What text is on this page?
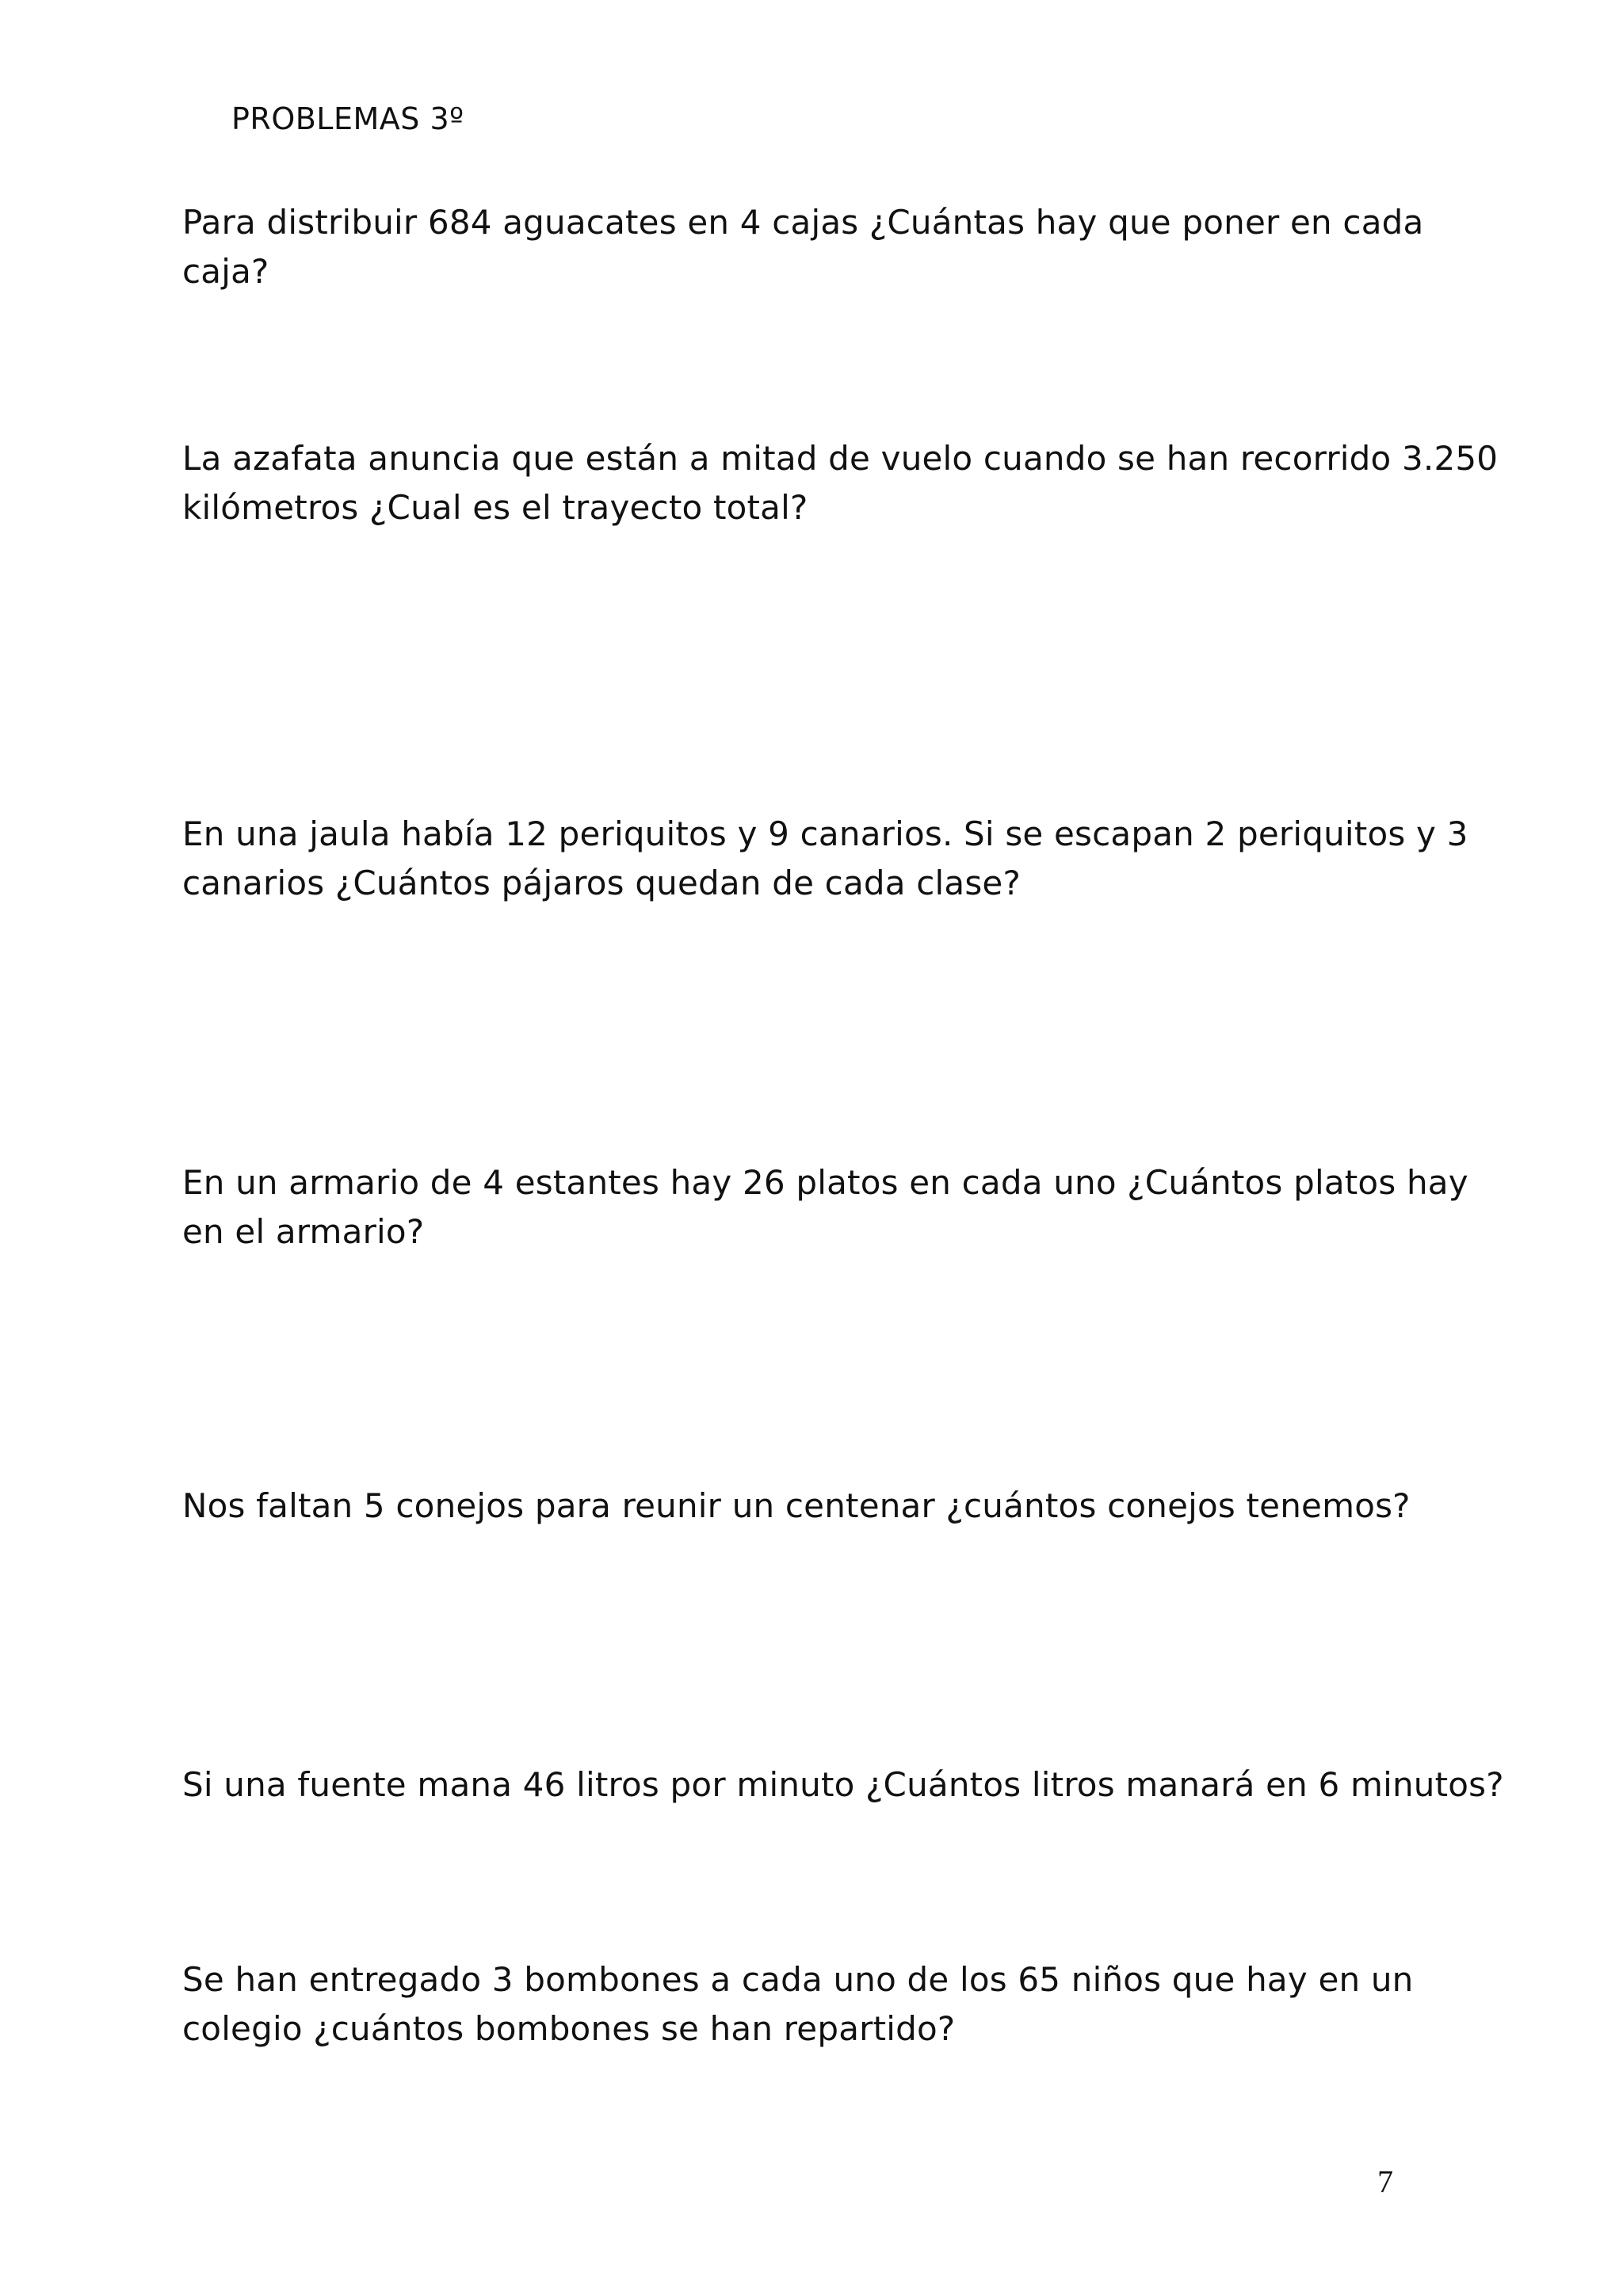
PROBLEMAS 3º
Para distribuir 684 aguacates en 4 cajas ¿Cuántas hay que poner en cada caja?
La azafata anuncia que están a mitad de vuelo cuando se han recorrido 3.250 kilómetros ¿Cual es el trayecto total?
En una jaula había 12 periquitos y 9 canarios. Si se escapan 2 periquitos y 3 canarios ¿Cuántos pájaros quedan de cada clase?
En un armario de 4 estantes hay 26 platos en cada uno ¿Cuántos platos hay en el armario?
Nos faltan 5 conejos para reunir un centenar ¿cuántos conejos tenemos?
Si una fuente mana 46 litros por minuto ¿Cuántos litros manará en 6 minutos?
Se han entregado 3 bombones a cada uno de los 65 niños que hay en un colegio ¿cuántos bombones se han repartido?
7
